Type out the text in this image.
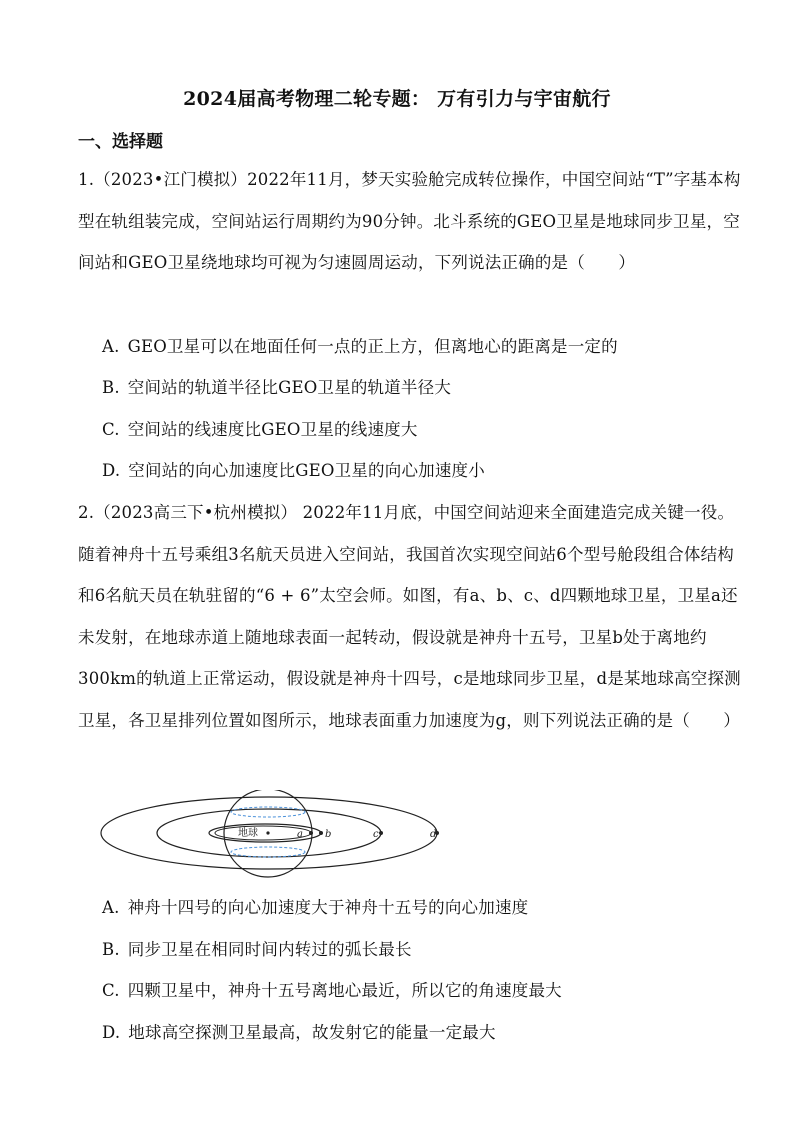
2024届高考物理二轮专题： 万有引力与宇宙航行
一、选择题
1.（2023•江门模拟）2022年11月，梦天实验舱完成转位操作，中国空间站“T”字基本构型在轨组装完成，空间站运行周期约为90分钟。北斗系统的GEO卫星是地球同步卫星，空间站和GEO卫星绕地球均可视为匀速圆周运动，下列说法正确的是（　　）
A. GEO卫星可以在地面任何一点的正上方，但离地心的距离是一定的
B. 空间站的轨道半径比GEO卫星的轨道半径大
C. 空间站的线速度比GEO卫星的线速度大
D. 空间站的向心加速度比GEO卫星的向心加速度小
2.（2023高三下•杭州模拟） 2022年11月底，中国空间站迎来全面建造完成关键一役。随着神舟十五号乘组3名航天员进入空间站，我国首次实现空间站6个型号舱段组合体结构和6名航天员在轨驻留的“6 + 6”太空会师。如图，有a、b、c、d四颗地球卫星，卫星a还未发射，在地球赤道上随地球表面一起转动，假设就是神舟十五号，卫星b处于离地约300km的轨道上正常运动，假设就是神舟十四号，c是地球同步卫星，d是某地球高空探测卫星，各卫星排列位置如图所示，地球表面重力加速度为g，则下列说法正确的是（　　）
地球	a b	c	d
A. 神舟十四号的向心加速度大于神舟十五号的向心加速度
B. 同步卫星在相同时间内转过的弧长最长
C. 四颗卫星中，神舟十五号离地心最近，所以它的角速度最大
D. 地球高空探测卫星最高，故发射它的能量一定最大
